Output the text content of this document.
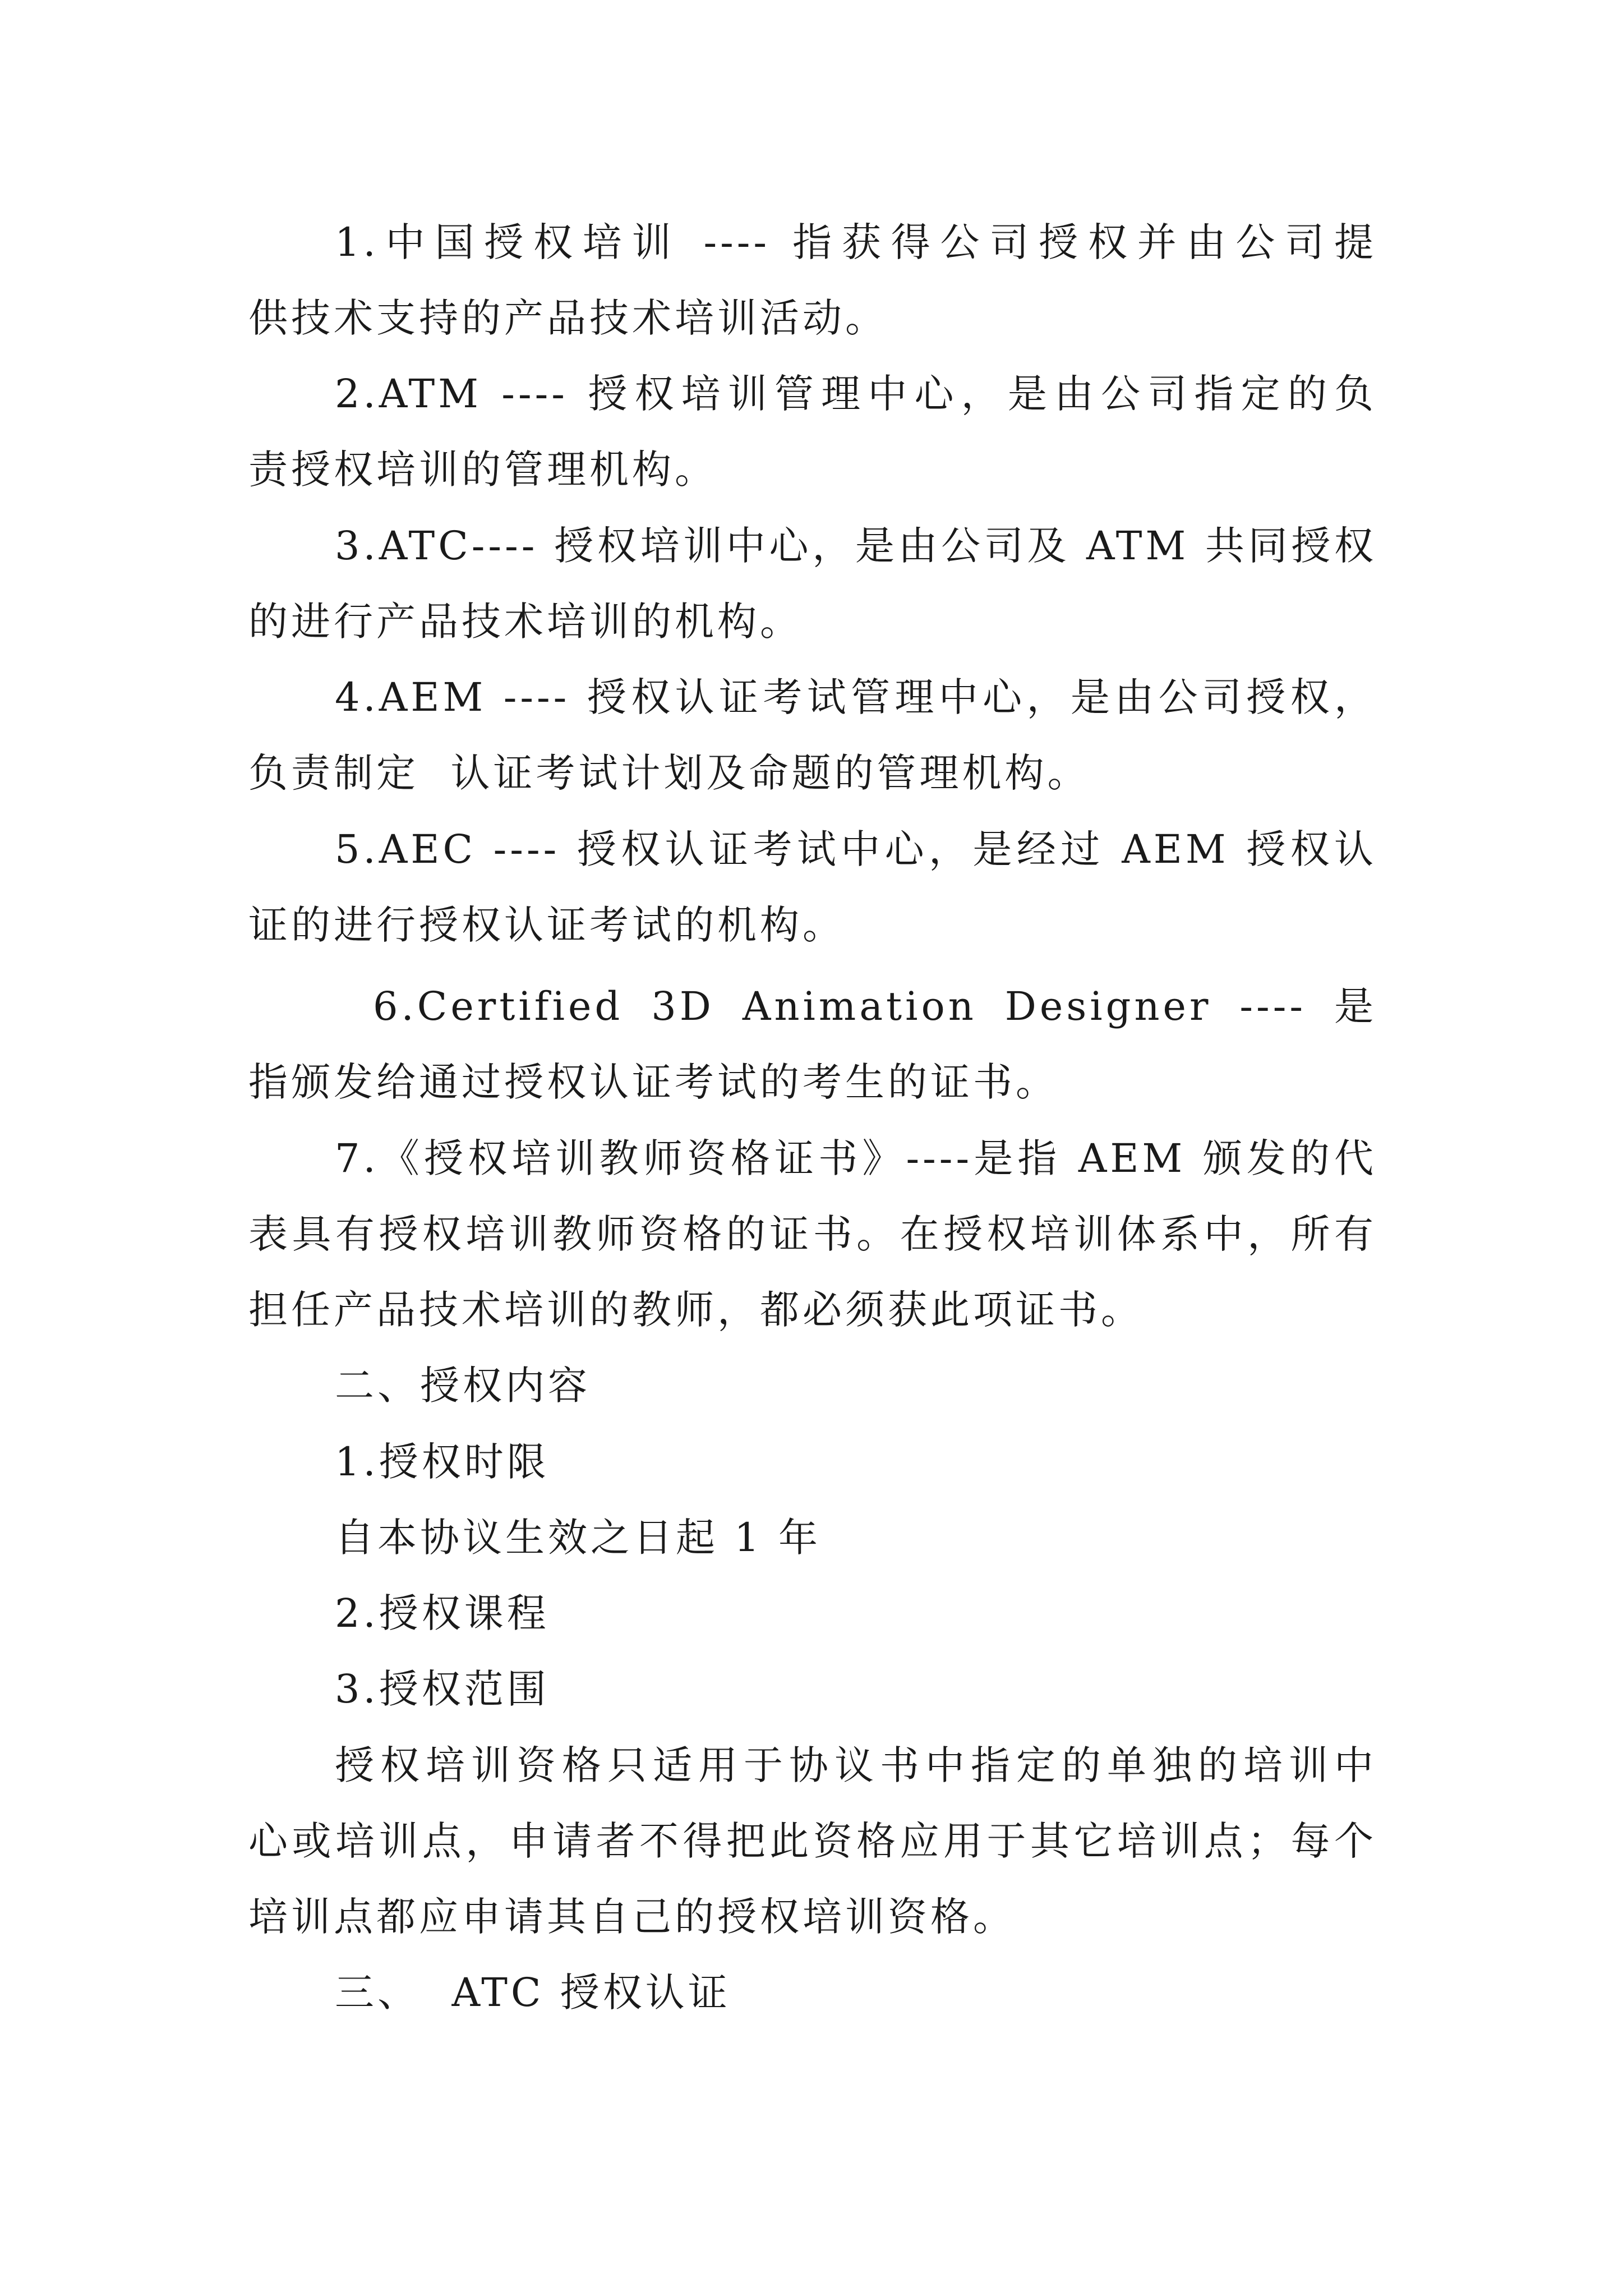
1.中国授权培训 ---- 指获得公司授权并由公司提
供技术支持的产品技术培训活动。
2.ATM ---- 授权培训管理中心，是由公司指定的负
责授权培训的管理机构。
3.ATC---- 授权培训中心，是由公司及 ATM 共同授权
的进行产品技术培训的机构。
4.AEM ---- 授权认证考试管理中心，是由公司授权，
负责制定  认证考试计划及命题的管理机构。
5.AEC ---- 授权认证考试中心，是经过 AEM 授权认
证的进行授权认证考试的机构。
6.Certified 3D Animation Designer ---- 是
指颁发给通过授权认证考试的考生的证书。
7.《授权培训教师资格证书》----是指 AEM 颁发的代
表具有授权培训教师资格的证书。在授权培训体系中，所有
担任产品技术培训的教师，都必须获此项证书。
二、授权内容
1.授权时限
自本协议生效之日起 1 年
2.授权课程
3.授权范围
授权培训资格只适用于协议书中指定的单独的培训中
心或培训点，申请者不得把此资格应用于其它培训点；每个
培训点都应申请其自己的授权培训资格。
三、  ATC 授权认证
